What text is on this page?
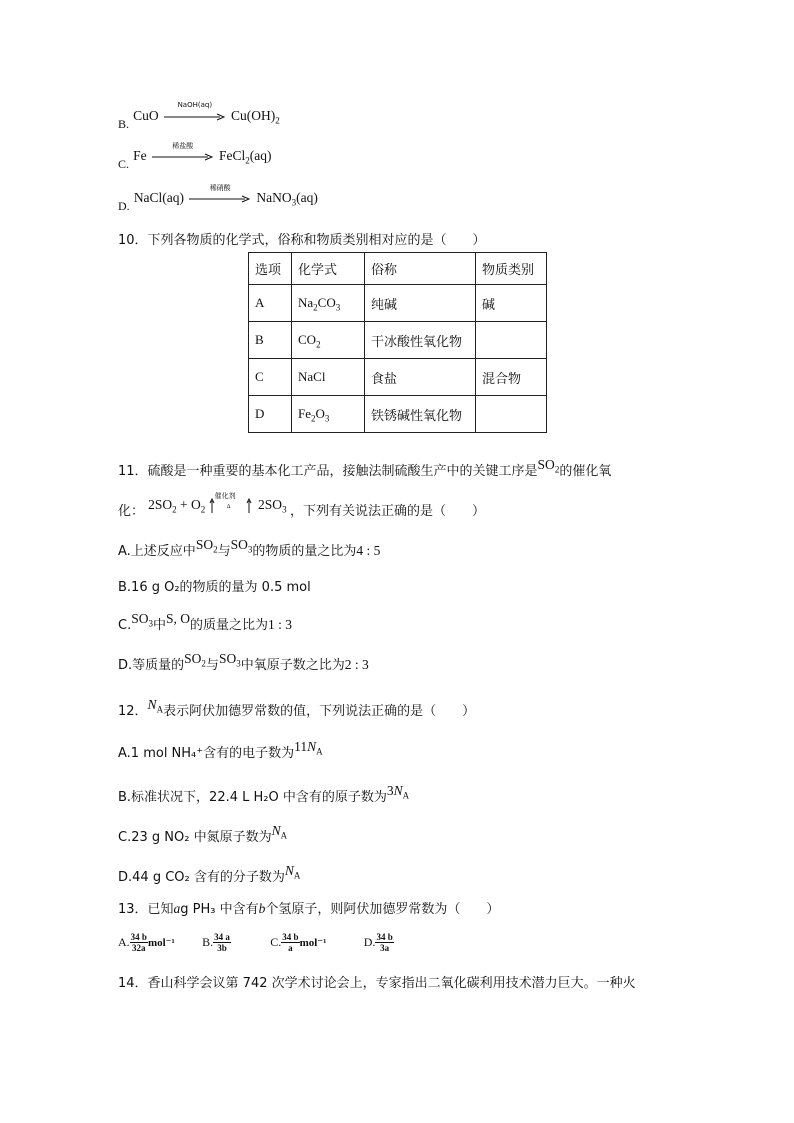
B. CuO
NaOH(aq)
$Cu(OH)_2$
C. Fe
稀盐酸
FeCl$_2$(aq)
D. NaCl(aq)
稀硝酸
NaNO$_3$(aq)
10．下列各物质的化学式，俗称和物质类别相对应的是（　　）
选项	化学式	俗称	物质类别
A	$Na_2CO_3$	纯碱	碱
B	$CO_2$	干冰酸性氧化物	
C	NaCl	食盐	混合物
D	$Fe_2O_3$	铁锈碱性氧化物	
11．硫酸是一种重要的基本化工产品，接触法制硫酸生产中的关键工序是$SO_2$的催化氧
化： $2SO_2 + O_2$
催化剂
Δ $2SO_3$ ，下列有关说法正确的是（　　）
A.上述反应中$SO_2$与$SO_3$的物质的量之比为4 : 5
B.16 g O₂的物质的量为 0.5 mol
$C.SO_3$中S, O的质量之比为1 : 3
D.等质量的$SO_2$与$SO_3$中氧原子数之比为2 : 3
12．$N_A$表示阿伏加德罗常数的值，下列说法正确的是（　　）
A.1 mol NH₄⁺含有的电子数为$11N_A$
B.标准状况下，22.4 L H₂O 中含有的原子数为$3N_A$
C.23 g NO₂ 中氮原子数为$N_A$
D.44 g CO₂ 含有的分子数为$N_A$
13．已知ag PH₃ 中含有b个氢原子，则阿伏加德罗常数为（　　）
A. $\frac{34 b}{32a} mol^{-1}$ B. $\frac{34 a}{3b}$	C. $\frac{34 b}{a} mol^{-1}$	D. $\frac{34 b}{3a}$
14．香山科学会议第 742 次学术讨论会上，专家指出二氧化碳利用技术潜力巨大。一种火
